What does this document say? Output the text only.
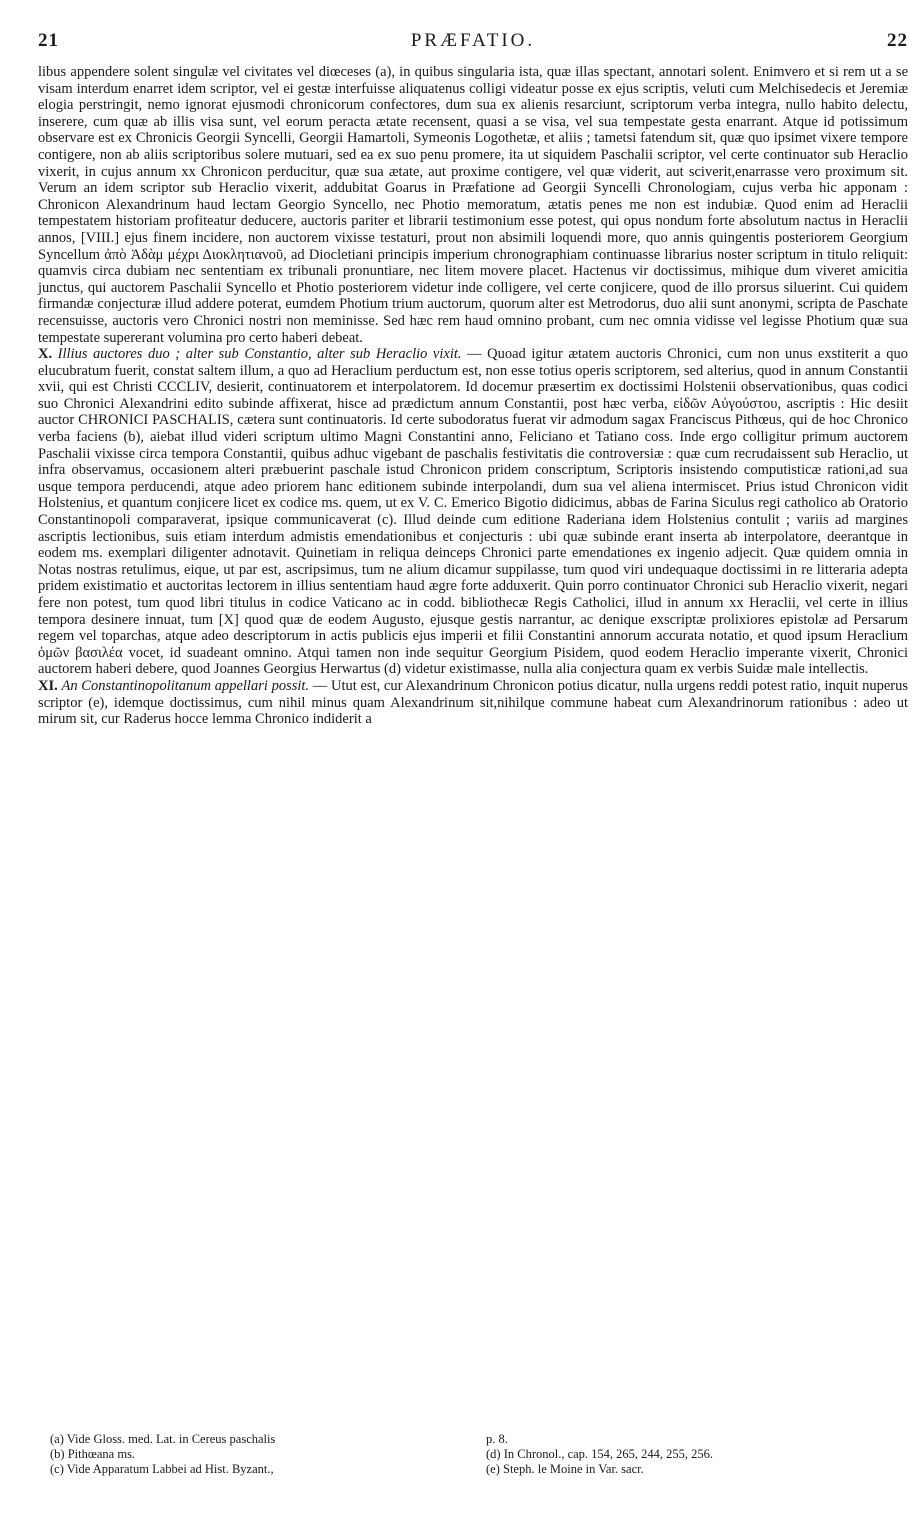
21	PRÆFATIO.	22

libus appendere solent singulæ vel civitates vel diœceses (a), in quibus singularia ista, quæ illas spectant, annotari solent. Enimvero et si rem ut a se visam interdum enarret idem scriptor, vel ei gestæ interfuisse aliquatenus colligi videatur posse ex ejus scriptis, veluti cum Melchisedecis et Jeremiæ elogia perstringit, nemo ignorat ejusmodi chronicorum confectores, dum sua ex alienis resarciunt, scriptorum verba integra, nullo habito delectu, inserere, cum quæ ab illis visa sunt, vel eorum peracta ætate recensent, quasi a se visa, vel sua tempestate gesta enarrant. Atque id potissimum observare est ex Chronicis Georgii Syncelli, Georgii Hamartoli, Symeonis Logothetæ, et aliis ; tametsi fatendum sit, quæ quo ipsimet vixere tempore contigere, non ab aliis scriptoribus solere mutuari, sed ea ex suo penu promere, ita ut siquidem Paschalii scriptor, vel certe continuator sub Heraclio vixerit, in cujus annum xx Chronicon perducitur, quæ sua ætate, aut proxime contigere, vel quæ viderit, aut sciverit,enarrasse vero proximum sit. Verum an idem scriptor sub Heraclio vixerit, addubitat Goarus in Præfatione ad Georgii Syncelli Chronologiam, cujus verba hic apponam : Chronicon Alexandrinum haud lectam Georgio Syncello, nec Photio memoratum, ætatis penes me non est indubiæ. Quod enim ad Heraclii tempestatem historiam profiteatur deducere, auctoris pariter et librarii testimonium esse potest, qui opus nondum forte absolutum nactus in Heraclii annos, [VIII.] ejus finem incidere, non auctorem vixisse testaturi, prout non absimili loquendi more, quo annis quingentis posteriorem Georgium Syncellum ἀπὸ Ἀδὰμ μέχρι Διοκλητιανοῦ, ad Diocletiani principis imperium chronographiam continuasse librarius noster scriptum in titulo reliquit: quamvis circa dubiam nec sententiam ex tribunali pronuntiare, nec litem movere placet. Hactenus vir doctissimus, mihique dum viveret amicitia junctus, qui auctorem Paschalii Syncello et Photio posteriorem videtur inde colligere, vel certe conjicere, quod de illo prorsus siluerint. Cui quidem firmandæ conjecturæ illud addere poterat, eumdem Photium trium auctorum, quorum alter est Metrodorus, duo alii sunt anonymi, scripta de Paschate recensuisse, auctoris vero Chronici nostri non meminisse. Sed hæc rem haud omnino probant, cum nec omnia vidisse vel legisse Photium quæ sua tempestate supererant volumina pro certo haberi debeat.

X. Illius auctores duo ; alter sub Constantio, alter sub Heraclio vixit. — Quoad igitur ætatem auctoris Chronici, cum non unus exstiterit a quo elucubratum fuerit, constat saltem illum, a quo ad Heraclium perductum est, non esse totius operis scriptorem, sed alterius, quod in annum Constantii xvii, qui est Christi CCCLIV, desierit, continuatorem et interpolatorem. Id docemur præsertim ex doctissimi Holstenii observationibus, quas codici suo Chronici Alexandrini edito subinde affixerat, hisce ad prædictum annum Constantii, post hæc verba, εἰδῶν Αὐγούστου, ascriptis : Hic desiit auctor CHRONICI PASCHALIS, cætera sunt continuatoris. Id certe subodoratus fuerat vir admodum sagax Franciscus Pithœus, qui de hoc Chronico verba faciens (b), aiebat illud videri scriptum ultimo Magni Constantini anno, Feliciano et Tatiano coss. Inde ergo colligitur primum auctorem Paschalii vixisse circa tempora Constantii, quibus adhuc vigebant de paschalis festivitatis die controversiæ : quæ cum recrudaissent sub Heraclio, ut infra observamus, occasionem alteri præbuerint paschale istud Chronicon pridem conscriptum, Scriptoris insistendo computisticæ rationi,ad sua usque tempora perducendi, atque adeo priorem hanc editionem subinde interpolandi, dum sua vel aliena intermiscet. Prius istud Chronicon vidit Holstenius, et quantum conjicere licet ex codice ms. quem, ut ex V. C. Emerico Bigotio didicimus, abbas de Farina Siculus regi catholico ab Oratorio Constantinopoli comparaverat, ipsique communicaverat (c). Illud deinde cum editione Raderiana idem Holstenius contulit ; variis ad margines ascriptis lectionibus, suis etiam interdum admistis emendationibus et conjecturis : ubi quæ subinde erant inserta ab interpolatore, deerantque in eodem ms. exemplari diligenter adnotavit. Quinetiam in reliqua deinceps Chronici parte emendationes ex ingenio adjecit. Quæ quidem omnia in Notas nostras retulimus, eique, ut par est, ascripsimus, tum ne alium dicamur suppilasse, tum quod viri undequaque doctissimi in re litteraria adepta pridem existimatio et auctoritas lectorem in illius sententiam haud ægre forte adduxerit. Quin porro continuator Chronici sub Heraclio vixerit, negari fere non potest, tum quod libri titulus in codice Vaticano ac in codd. bibliothecæ Regis Catholici, illud in annum xx Heraclii, vel certe in illius tempora desinere innuat, tum [X] quod quæ de eodem Augusto, ejusque gestis narrantur, ac denique exscriptæ prolixiores epistolæ ad Persarum regem vel toparchas, atque adeo descriptorum in actis publicis ejus imperii et filii Constantini annorum accurata notatio, et quod ipsum Heraclium ὁμῶν βασιλέα vocet, id suadeant omnino. Atqui tamen non inde sequitur Georgium Pisidem, quod eodem Heraclio imperante vixerit, Chronici auctorem haberi debere, quod Joannes Georgius Herwartus (d) videtur existimasse, nulla alia conjectura quam ex verbis Suidæ male intellectis.

XI. An Constantinopolitanum appellari possit. — Utut est, cur Alexandrinum Chronicon potius dicatur, nulla urgens reddi potest ratio, inquit nuperus scriptor (e), idemque doctissimus, cum nihil minus quam Alexandrinum sit,nihilque commune habeat cum Alexandrinorum rationibus : adeo ut mirum sit, cur Raderus hocce lemma Chronico indiderit a

(a) Vide Gloss. med. Lat. in Cereus paschalis
(b) Pithœana ms.
(c) Vide Apparatum Labbei ad Hist. Byzant.,
p. 8.
(d) In Chronol., cap. 154, 265, 244, 255, 256.
(e) Steph. le Moine in Var. sacr.
